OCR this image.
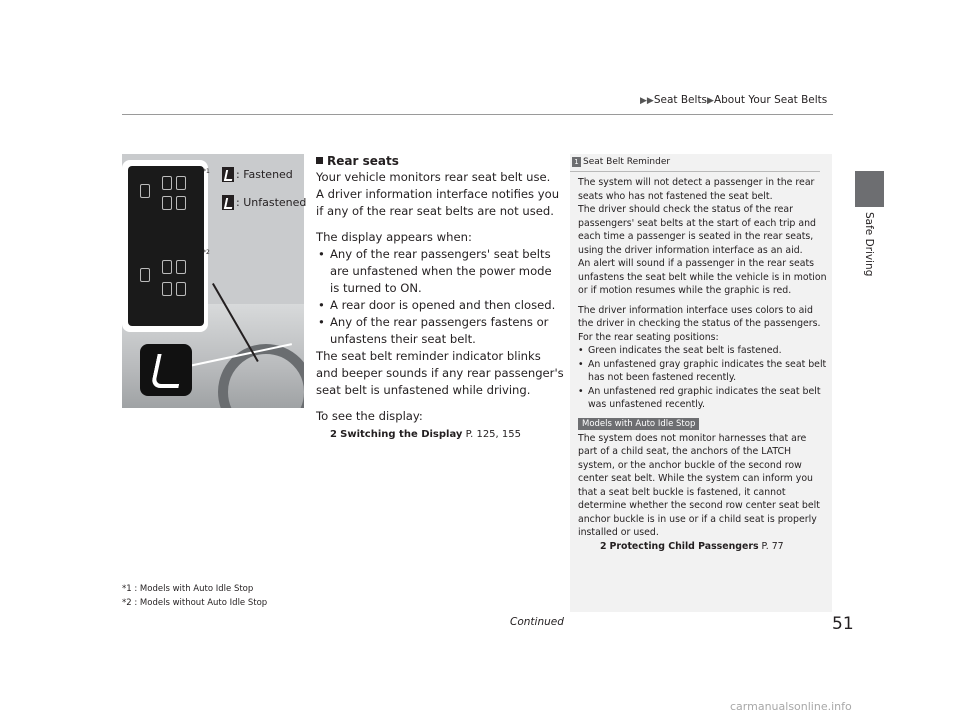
▶▶Seat Belts▶About Your Seat Belts
Safe Driving
*1
*2
: Fastened
: Unfastened
Rear seats

Your vehicle monitors rear seat belt use.

A driver information interface notifies you if any of the rear seat belts are not used.

The display appears when:

• Any of the rear passengers' seat belts are unfastened when the power mode is turned to ON.
• A rear door is opened and then closed.
• Any of the rear passengers fastens or unfastens their seat belt.

The seat belt reminder indicator blinks and beeper sounds if any rear passenger's seat belt is unfastened while driving.

To see the display:

2 Switching the Display P. 125, 155
1 Seat Belt Reminder

The system will not detect a passenger in the rear seats who has not fastened the seat belt.

The driver should check the status of the rear passengers' seat belts at the start of each trip and each time a passenger is seated in the rear seats, using the driver information interface as an aid.

An alert will sound if a passenger in the rear seats unfastens the seat belt while the vehicle is in motion or if motion resumes while the graphic is red.

The driver information interface uses colors to aid the driver in checking the status of the passengers.

For the rear seating positions:

• Green indicates the seat belt is fastened.
• An unfastened gray graphic indicates the seat belt has not been fastened recently.
• An unfastened red graphic indicates the seat belt was unfastened recently.
Models with Auto Idle Stop

The system does not monitor harnesses that are part of a child seat, the anchors of the LATCH system, or the anchor buckle of the second row center seat belt. While the system can inform you that a seat belt buckle is fastened, it cannot determine whether the second row center seat belt anchor buckle is in use or if a child seat is properly installed or used.

2 Protecting Child Passengers P. 77
*1 : Models with Auto Idle Stop
*2 : Models without Auto Idle Stop
Continued	51
carmanualsonline.info
